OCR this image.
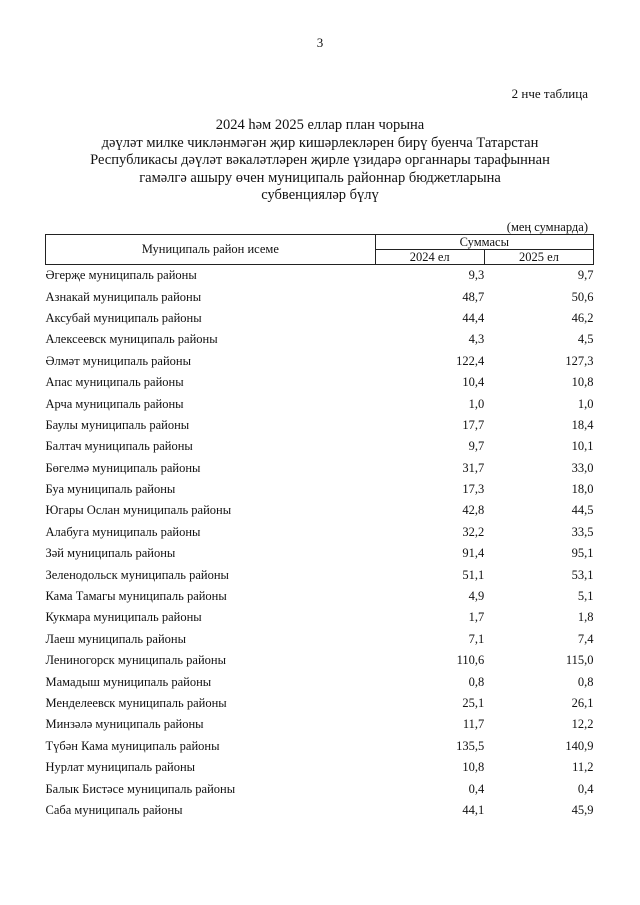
3
2 нче таблица
2024 һәм 2025 еллар план чорына
дәүләт милке чикләнмәгән җир кишәрлекләрен бирү буенча Татарстан
Республикасы дәүләт вәкаләтләрен җирле үзидарә органнары тарафыннан
гамәлгә ашыру өчен муниципаль районнар бюджетларына
субвенцияләр бүлү
(мең сумнарда)
Муниципаль район исеме	Суммасы	
	2024 ел	2025 ел
Әгерҗе муниципаль районы	9,3	9,7
Азнакай муниципаль районы	48,7	50,6
Аксубай муниципаль районы	44,4	46,2
Алексеевск муниципаль районы	4,3	4,5
Әлмәт муниципаль районы	122,4	127,3
Апас муниципаль районы	10,4	10,8
Арча муниципаль районы	1,0	1,0
Баулы муниципаль районы	17,7	18,4
Балтач муниципаль районы	9,7	10,1
Бөгелмә муниципаль районы	31,7	33,0
Буа муниципаль районы	17,3	18,0
Югары Ослан муниципаль районы	42,8	44,5
Алабуга муниципаль районы	32,2	33,5
Зәй муниципаль районы	91,4	95,1
Зеленодольск муниципаль районы	51,1	53,1
Кама Тамагы муниципаль районы	4,9	5,1
Кукмара муниципаль районы	1,7	1,8
Лаеш муниципаль районы	7,1	7,4
Лениногорск муниципаль районы	110,6	115,0
Мамадыш муниципаль районы	0,8	0,8
Менделеевск муниципаль районы	25,1	26,1
Минзәлә муниципаль районы	11,7	12,2
Түбән Кама муниципаль районы	135,5	140,9
Нурлат муниципаль районы	10,8	11,2
Балык Бистәсе муниципаль районы	0,4	0,4
Саба муниципаль районы	44,1	45,9
